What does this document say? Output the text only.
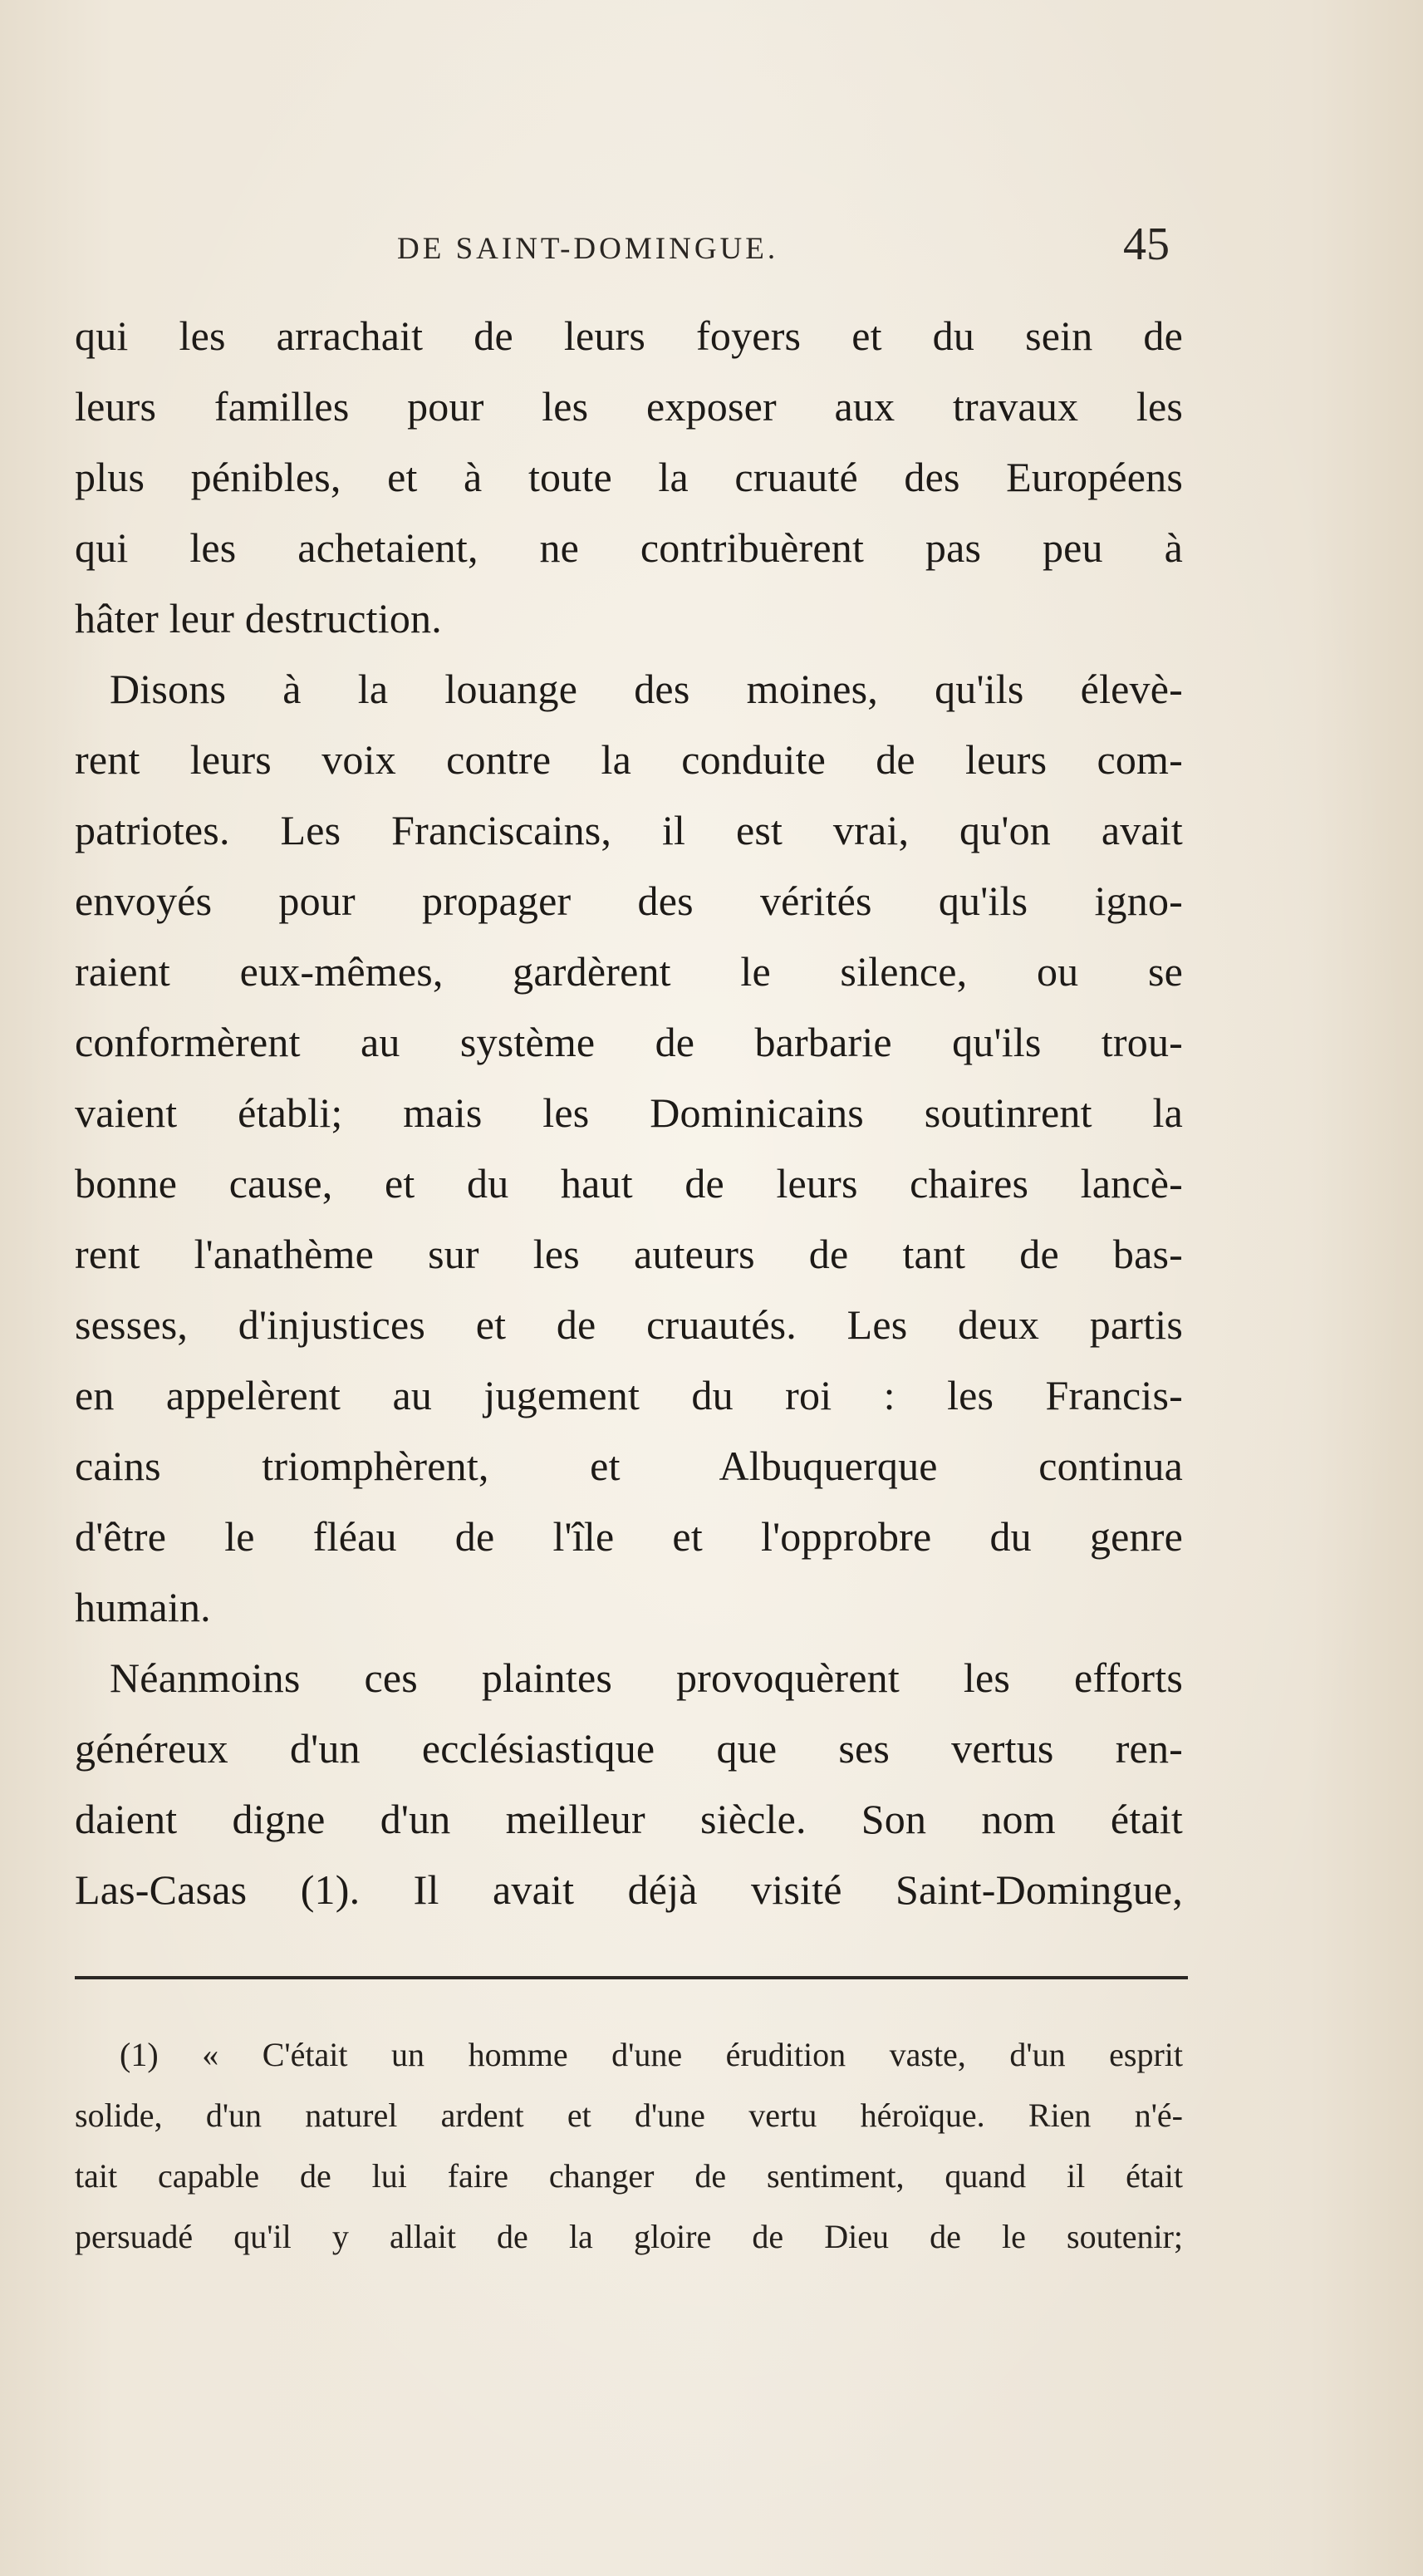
DE SAINT-DOMINGUE.	45
qui les arrachait de leurs foyers et du sein de
leurs familles pour les exposer aux travaux les
plus pénibles, et à toute la cruauté des Européens
qui les achetaient, ne contribuèrent pas peu à
hâter leur destruction.
Disons à la louange des moines, qu'ils élevè-
rent leurs voix contre la conduite de leurs com-
patriotes. Les Franciscains, il est vrai, qu'on avait
envoyés pour propager des vérités qu'ils igno-
raient eux-mêmes, gardèrent le silence, ou se
conformèrent au système de barbarie qu'ils trou-
vaient établi; mais les Dominicains soutinrent la
bonne cause, et du haut de leurs chaires lancè-
rent l'anathème sur les auteurs de tant de bas-
sesses, d'injustices et de cruautés. Les deux partis
en appelèrent au jugement du roi : les Francis-
cains triomphèrent, et Albuquerque continua
d'être le fléau de l'île et l'opprobre du genre
humain.
Néanmoins ces plaintes provoquèrent les efforts
généreux d'un ecclésiastique que ses vertus ren-
daient digne d'un meilleur siècle. Son nom était
Las-Casas (1). Il avait déjà visité Saint-Domingue,
(1) « C'était un homme d'une érudition vaste, d'un esprit
solide, d'un naturel ardent et d'une vertu héroïque. Rien n'é-
tait capable de lui faire changer de sentiment, quand il était
persuadé qu'il y allait de la gloire de Dieu de le soutenir;
